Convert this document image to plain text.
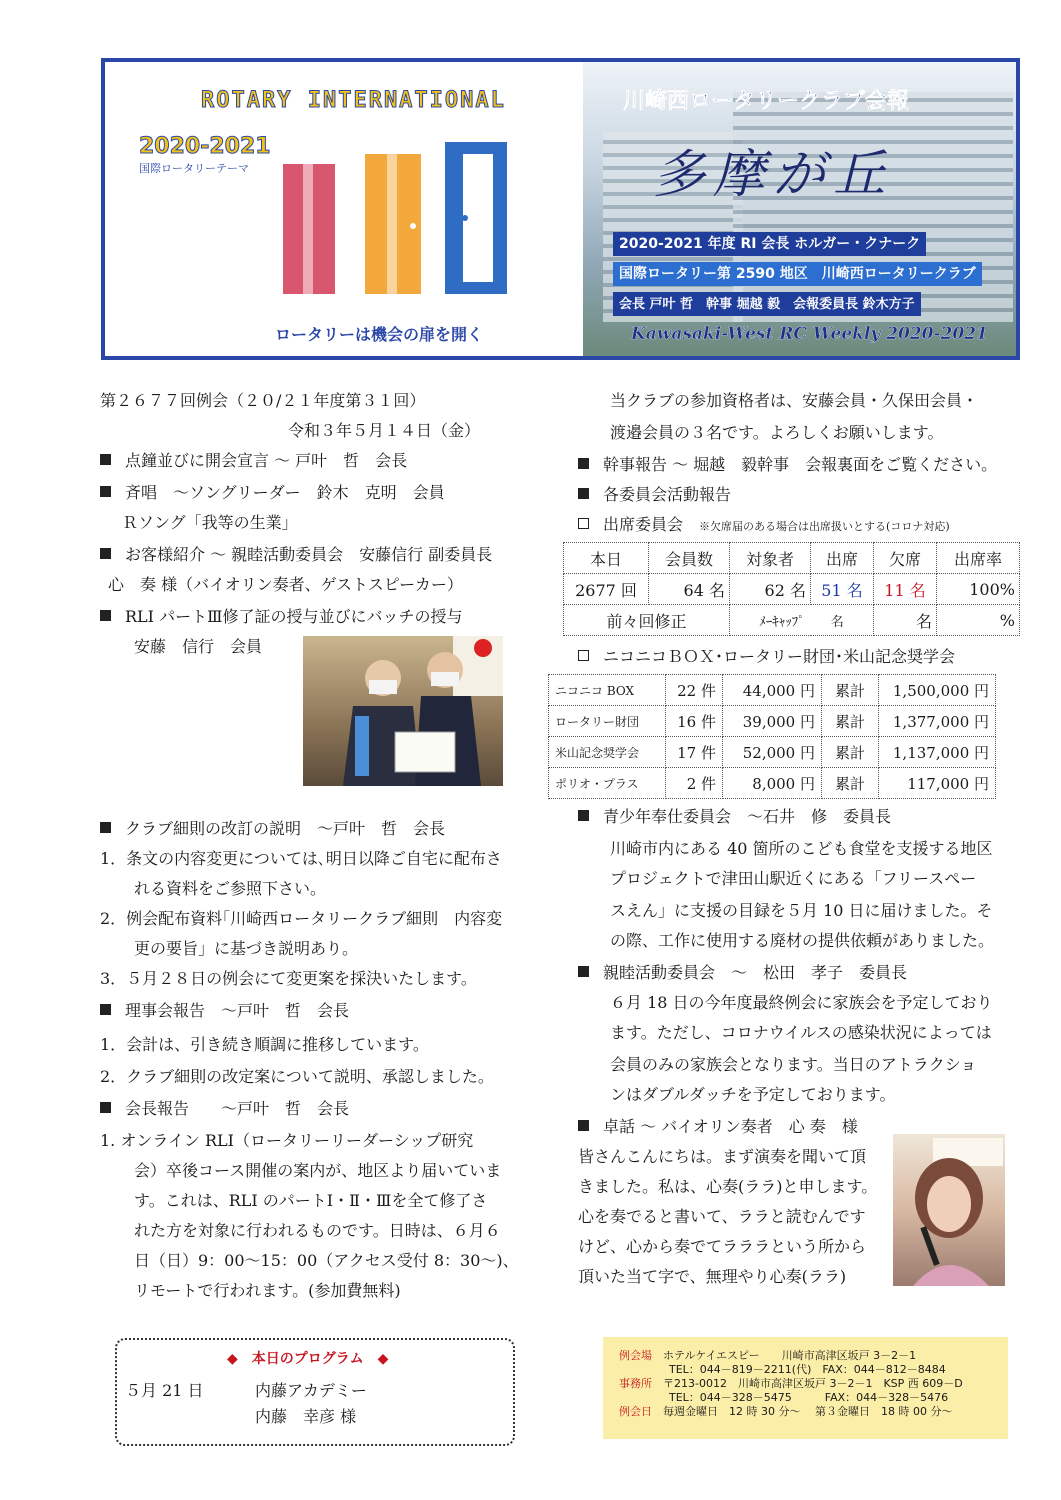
ROTARY INTERNATIONAL
2020-2021
国際ロータリーテーマ
ロータリーは機会の扉を開く
川崎西ロータリークラブ会報
多摩が丘
2020-2021 年度 RI 会長 ホルガー・クナーク
国際ロータリー第 2590 地区　川崎西ロータリークラブ
会長 戸叶 哲　幹事 堀越 毅　会報委員長 鈴木方子
Kawasaki-West RC Weekly 2020-2021
第２６７７回例会（２０/２１年度第３１回）
令和３年５月１４日（金）
点鐘並びに開会宣言 ～ 戸叶　哲　会長
斉唱　～ソングリーダー　鈴木　克明　会員
Ｒソング「我等の生業」
お客様紹介 ～ 親睦活動委員会　安藤信行 副委員長
心　奏 様（バイオリン奏者、ゲストスピーカー）
RLI パートⅢ修了証の授与並びにバッチの授与
安藤　信行　会員
クラブ細則の改訂の説明　～戸叶　哲　会長
1．条文の内容変更については､明日以降ご自宅に配布さ
れる資料をご参照下さい。
2．例会配布資料｢川崎西ロータリークラブ細則　内容変
更の要旨」に基づき説明あり。
3．５月２８日の例会にて変更案を採決いたします。
理事会報告　～戸叶　哲　会長
1．会計は、引き続き順調に推移しています。
2．クラブ細則の改定案について説明、承認しました。
会長報告　　～戸叶　哲　会長
1. オンライン RLI（ロータリーリーダーシップ研究
会）卒後コース開催の案内が、地区より届いていま
す。これは、RLI のパートⅠ・Ⅱ・Ⅲを全て修了さ
れた方を対象に行われるものです。日時は、６月６
日（日）9：00～15：00（アクセス受付 8：30～)、
リモートで行われます。(参加費無料)
◆　本日のプログラム　◆
５月 21 日	内藤アカデミー
内藤　幸彦 様
当クラブの参加資格者は、安藤会員・久保田会員・
渡邉会員の３名です。よろしくお願いします。
幹事報告 ～ 堀越　毅幹事　会報裏面をご覧ください。
各委員会活動報告
出席委員会　 ※欠席届のある場合は出席扱いとする(コロナ対応)
本日	会員数	対象者	出席	欠席	出席率
2677 回	64 名	62 名	51 名	11 名	100%
前々回修正		ﾒｰｷｬｯﾌﾟ　　 名		名	%
ニコニコＢＯＸ･ロータリー財団･米山記念奨学会
ニコニコ BOX	22 件	44,000 円	累計	1,500,000 円
ロータリー財団	16 件	39,000 円	累計	1,377,000 円
米山記念奨学会	17 件	52,000 円	累計	1,137,000 円
ポリオ・プラス	2 件	8,000 円	累計	117,000 円
青少年奉仕委員会　～石井　修　委員長
川崎市内にある 40 箇所のこども食堂を支援する地区
プロジェクトで津田山駅近くにある「フリースペー
スえん」に支援の目録を５月 10 日に届けました。そ
の際、工作に使用する廃材の提供依頼がありました。
親睦活動委員会　～　松田　孝子　委員長
６月 18 日の今年度最終例会に家族会を予定しており
ます。ただし、コロナウイルスの感染状況によっては
会員のみの家族会となります。当日のアトラクショ
ンはダブルダッチを予定しております。
卓話 ～ バイオリン奏者　心 奏　様
皆さんこんにちは。まず演奏を聞いて頂
きました。私は、心奏(ララ)と申します。
心を奏でると書いて、ララと読むんです
けど、心から奏でてラララという所から
頂いた当て字で、無理やり心奏(ララ)
例会場　 ホテルケイエスピー　　川崎市高津区坂戸 3－2－1
TEL：044－819－2211(代)　FAX：044－812－8484
事務所　 〒213-0012　川崎市高津区坂戸 3－2－1　KSP 西 609－D
TEL：044－328－5475　　　FAX：044－328－5476
例会日　 毎週金曜日　12 時 30 分～　 第３金曜日　18 時 00 分～
